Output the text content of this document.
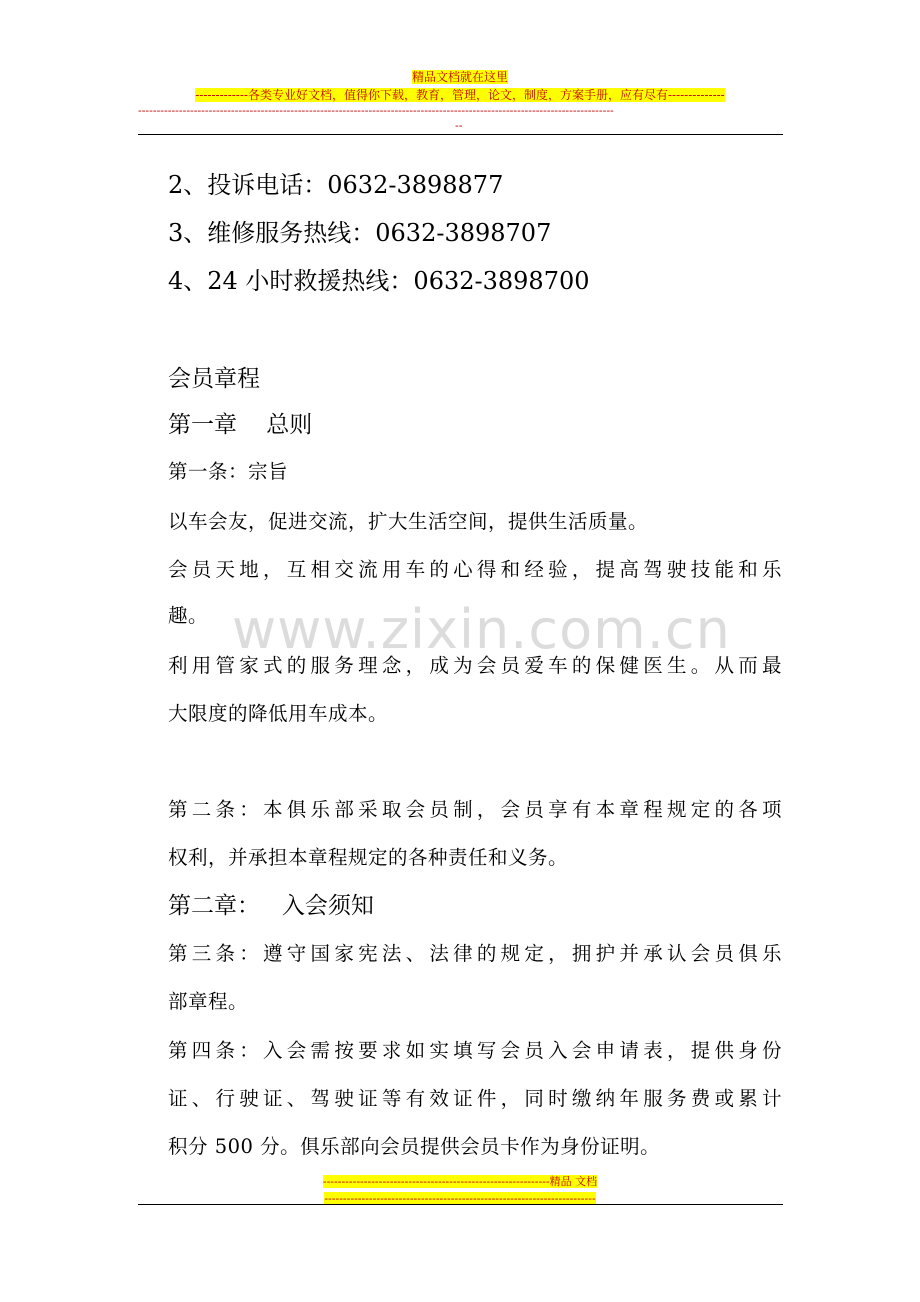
精品文档就在这里
-------------各类专业好文档，值得你下载，教育，管理，论文，制度，方案手册，应有尽有--------------
--------------------------------------------------------------------------------------------------------------------------------
--
2、投诉电话：0632-3898877
3、维修服务热线：0632-3898707
4、24 小时救援热线：0632-3898700
会员章程
第一章    总则
第一条：宗旨
以车会友，促进交流，扩大生活空间，提供生活质量。
会员天地，互相交流用车的心得和经验，提高驾驶技能和乐
趣。
利用管家式的服务理念，成为会员爱车的保健医生。从而最
大限度的降低用车成本。
www.zixin.com.cn
第二条：本俱乐部采取会员制，会员享有本章程规定的各项
权利，并承担本章程规定的各种责任和义务。
第二章：   入会须知
第三条：遵守国家宪法、法律的规定，拥护并承认会员俱乐
部章程。
第四条：入会需按要求如实填写会员入会申请表，提供身份
证、行驶证、驾驶证等有效证件，同时缴纳年服务费或累计
积分 500 分。俱乐部向会员提供会员卡作为身份证明。
-------------------------------------------------------------精品 文档
-------------------------------------------------------------------------
